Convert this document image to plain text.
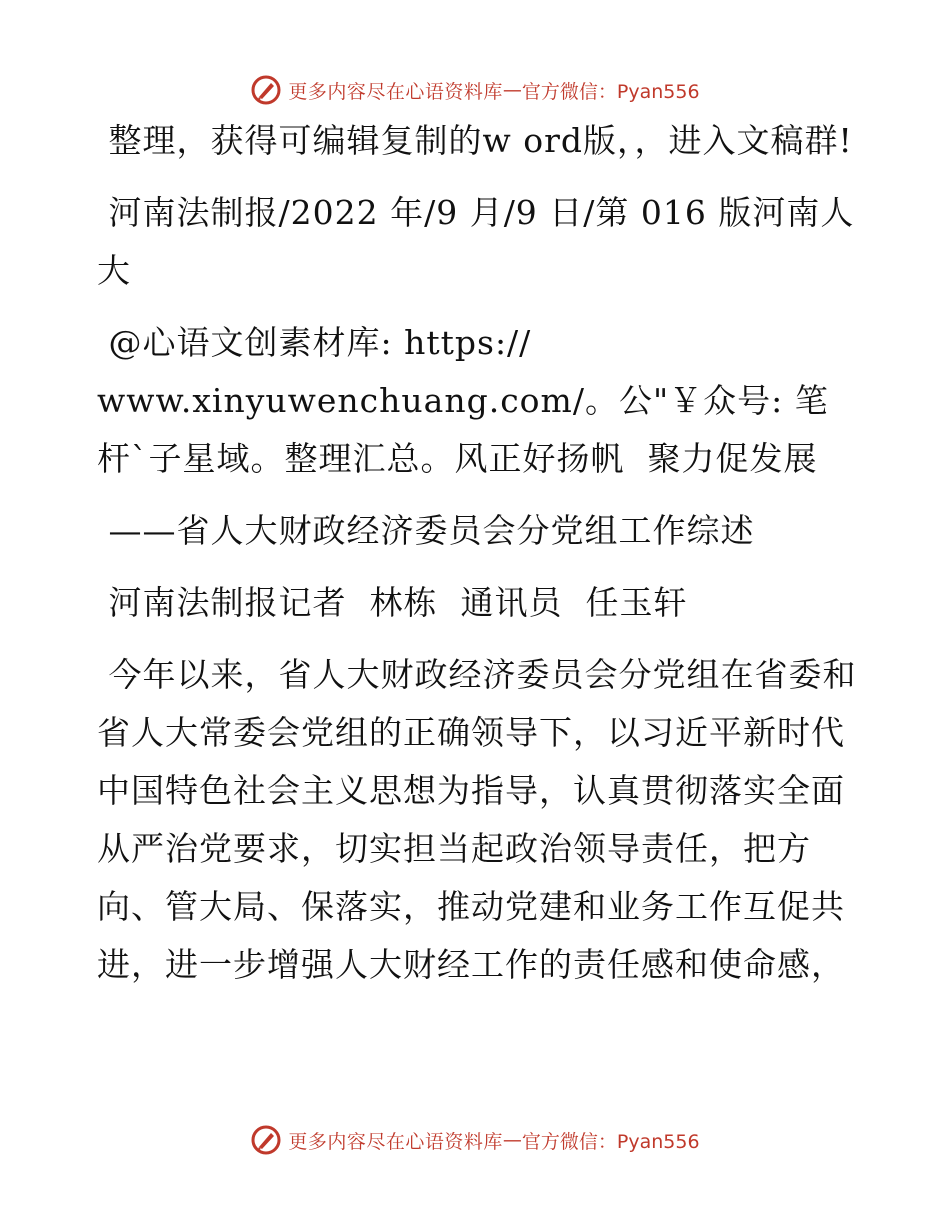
更多内容尽在心语资料库 — 官方微信：Pyan556

整理，获得可编辑复制的w ord版，，进入文稿群!

河南法制报/2022 年/9 月/9 日/第 016 版河南人大

@心语文创素材库: https://
www.xinyuwenchuang.com/。公"￥众号: 笔杆`子星域。整理汇总。风正好扬帆  聚力促发展

——省人大财政经济委员会分党组工作综述

河南法制报记者  林栋  通讯员  任玉轩

今年以来，省人大财政经济委员会分党组在省委和省人大常委会党组的正确领导下，以习近平新时代中国特色社会主义思想为指导，认真贯彻落实全面从严治党要求，切实担当起政治领导责任，把方向、管大局、保落实，推动党建和业务工作互促共进，进一步增强人大财经工作的责任感和使命感，

更多内容尽在心语资料库 — 官方微信：Pyan556
